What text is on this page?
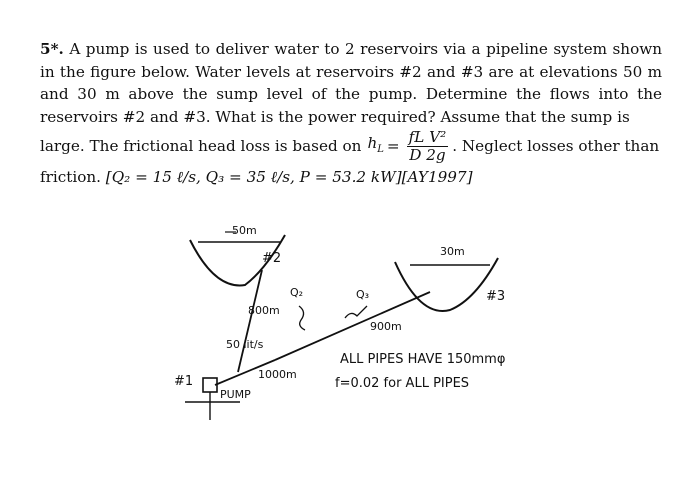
5*. A pump is used to deliver water to 2 reservoirs via a pipeline system shown in the figure below. Water levels at reservoirs #2 and #3 are at elevations 50 m and 30 m above the sump level of the pump. Determine the flows into the reservoirs #2 and #3. What is the power required? Assume that the sump is
large. The frictional head loss is based on $h_L = \frac{\text{fL V²}}{D 2g}$ . Neglect losses other than
friction. [Q₂ = 15 ℓ/s, Q₃ = 35 ℓ/s, P = 53.2 kW][AY1997]
50m
#2	30m
#3
800m
Q₂	Q₃
900m
50 lit/s
1000m
#1
PUMP
ALL PIPES HAVE 150mmφ
f=0.02 for ALL PIPES
